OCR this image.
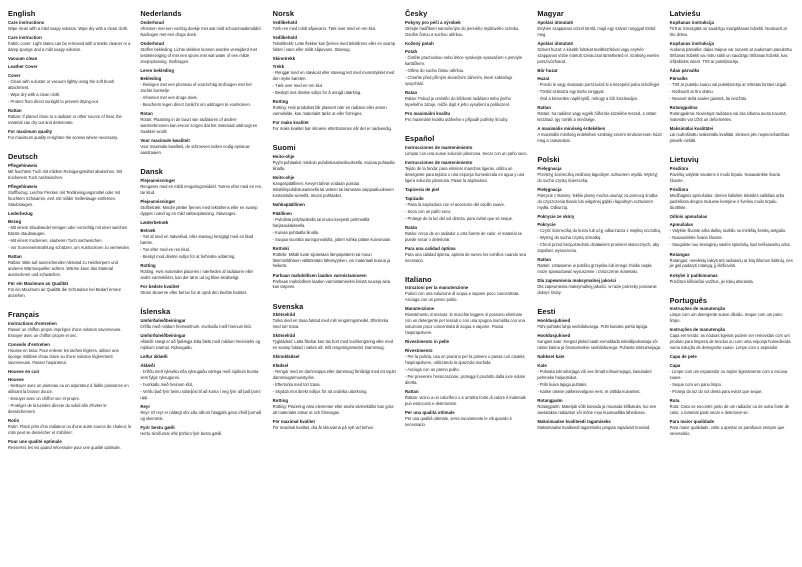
English
Care instructions

Wipe clean with a mild soapy solution. Wipe dry with a clean cloth.

Care instruction

Fabric cover: Light stains can be removed with a textile cleaner or a damp sponge and a mild soapy solution.

Vacuum clean
Leather Cover
Cover

- Clean with a duster or vacuum lightly using the soft brush attachment.

- Wipe dry with a clean cloth.

- Protect from direct sunlight to prevent drying-out.

Rattan

Rattan: If placed close to a radiator or other source of heat, the material can dry out and deteriorate.

For maximum quality

For maximum quality re-tighten the screws where necessary.

Deutsch
Pflegehinweis

Mit feuchtem Tuch mit mildem Reinigungsmittel abwischen. Mit trockenem Tuch nachwischen.

Pflegehinweis

Stoffbezug: Leichte Flecken mit Textilreinigungsmittel oder mit feuchtem Schwamm, evtl. mit milder Seifenlauge entfernen. Staubsaugen.

Lederbezug
Bezug

- Mit einem Staubwedel reinigen oder vorsichtig mit einer weichen Bürste staubsaugen.

- Mit einem trockenen, sauberen Tuch nachwischen.

- Vor Sonneneinstrahlung schützen, um Austrocknen zu vermeiden.

Rattan

Rattan: Bitte auf ausreichenden Abstand zu Heizkörpern und anderen Wärmequellen achten. Wärme kann das Material austrocknen und schwächen.

Für ein Maximum an Qualität

Für ein Maximum an Qualität die Schrauben bei Bedarf erneut anziehen.

Français
Instructions d'entretien

Passer un chiffon propre imprégné d'une solution savonneuse. Essuyer avec un chiffon propre et sec.

Conseils d'entretien

Housse en tissu: Pour enlever les taches légères, utiliser une éponge imbibée d'eau claire ou d'une solution légèrement savonneuse. Passer l'aspirateur.

Housse en cuir
Housse

- Nettoyer avec un plumeau ou un aspirateur à faible puissance en utilisant la brosse douce.

- Essuyer avec un chiffon sec et propre.

- Protéger de la lumière directe du soleil afin d'éviter le dessèchement.

Rotin

Rotin: Placé près d'un radiateur ou d'une autre source de chaleur, le rotin peut se dessécher et s'abîmer.

Pour une qualité optimale

Resserrez les vis quand nécessaire pour une qualité optimale.

Nederlands
Onderhoud

Afnemen met een vochtig doekje met wat mild schoonmaakmiddel. Nadrogen met een droge doek.

Onderhoud

Stoffen bekleding: Lichte vlekken kunnen worden verwijderd met textielreiniging of met een spons met wat water of een milde zeepoplossing. Stofzuigen.

Leren bekleding
Bekleding

- Reinigen met een plumeau of voorzichtig stofzuigen met het zachte borstelje.

- Afnemen met een droge doek.

- Bescherm tegen direct zonlicht om uitdrogen te voorkomen.

Rotan

Rotan: Plaatsing in de buurt van radiatoren of andere warmtebronnen kan ervoor zorgen dat het materiaal uitdroogt en zwakker wordt.

Voor maximale kwaliteit

Voor maximale kwaliteit, de schroeven indien nodig opnieuw aandraaien.

Dansk
Plejeanvisninger

Rengøres med en mildt rengøringsmiddel. Tørres efter med en ren, tør klud.

Plejeanvisninger

Stofbetræk: Mindre pletter fjernes med tekstilrens eller en svamp dyppet i vand og en mild sæbeopløsning. Støvsuges.

Læderbetræk
Betræk

- Tør af med en støveklud, eller støvsug forsigtigt med en blød børste.

- Tør efter med en ren klud.

- Beskyt mod direkte sollys for at forhindre udtørring.

Rotting

Rotting: Hvis materialet placeres i nærheden af radiatorer eller andre varmekilder, kan det tørre ud og blive skrøbeligt.

For bedste kvalitet

Stram skruerne efter behov for at opnå den bedste kvalitet.

Íslenska
Umhirðuleiðbeiningar

Þrífðu með mildum hreinsiefnum. Þurrkaðu með hreinum klút.

Umhirðuleiðbeiningar

Áklæði: Hægt er að fjarlægja létta bletti með mildum hreinsiefni og mjúkum svampi. Ryksugaðu.

Leður áklæði
Áklæði

- Þrífðu með ryksviku eða ryksugaðu varlega með mjúkum bursta sem fylgir ryksugunni.

- Þurrkaðu með hreinum klút.

- Verðu það fyrir beinu sólarljósi til að koma í veg fyrir að það þorni upp.

Reyr

Reyr: Ef reyr er nálægt ofni eða öðrum hitagjafa getur efnið þornað og skemmst.

Fyrir bestu gæði

Hertu skrúfurnar eftir þörfum fyrir bestu gæði.

Norsk
Vedlikehold

Tørk ren med mildt såpevann. Tørk over med en ren klut.

Vedlikehold

Tekstiltrekk: Lette flekker kan fjernes med tekstilrens eller en svamp fuktet i vann eller mildt såpevann. Støvsug.

Skinntrekk
Trekk

- Rengjør med en støvkost eller støvsug lett med munnstykket med den myke børsten.

- Tørk over med en ren klut.

- Beskytt mot direkte sollys for å unngå uttørking.

Rotting

Rotting: Hvis produktet blir plassert nær en radiator eller annen varmekilde, kan materialet tørke ut eller forringes.

For maks kvalitet

For maks kvalitet bør skruene ettertrammes når det er nødvendig.

Suomi
Hoito-ohje

Pyyhi puhtaaksi miedoin puhdistusainesliuoksella. Kuivaa puhtaalla liinalla.

Hoito-ohje

Kangaspäällinen: Kevyet tahrat voidaan poistaa tekstiilinpuhdistusaineella tai veteen tai laimeaan saippualiuokseen kostutetulla sienellä. Imuroi puhtaaksi.

Nahkapäällinen
Päällinen

- Puhdista pölyhuiskalla tai imuroi kevyesti pehmeällä harjasuulakkeella.

- Kuivaa puhtaalla liinalla.

- Suojaa suoralta auringonvalolta, jotteri nahka pääse kuivumaan.

Rottinki

Rottinki: Mikäli tuote sijoitetaan lämpöpatterin tai muun lämmönlähteen välittömään läheisyyteen, voi materiaali kuivua ja heiketä.

Parhaan mahdollisen laadun varmistamiseen

Parhaan mahdollisen laadun varmistamiseksi kiristä ruuveja aina kun tarpeen.

Svenska
Skötselråd

Torka med en trasa fuktad med milt rengöringsmedel. Eftertorka med torr trasa.

Skötselråd

Tygklädsel: Lätta fläckar kan tas bort med textilrengöring eller med en svamp fuktad i vatten alt. milt rengöringsmedel. Dammsug.

Skinnklädsel
Klädsel

- Rengör med en dammvippa eller dammsug försiktigt med ett mjukt dammsugarmunstycke.

- Eftertorka med torr trasa.

- Skydda mot direkt solljus för att undvika uttorkning.

Rotting

Rotting: Placering nära elementer eller andra värmekällor kan göra att materialet torkar ut och försvagas.

För maximal kvalitet

För maximal kvalitet, dra åt skruvarna på nytt vid behov.

Česky
Pokyny pro péči a výrobek

Otírejte hadříkem namočeným do jemného mýdlového roztoku. Osušte čistou a suchou utěrkou.

Kožený potah
Potah

- Čistěte prachovkou nebo lehce vysávejte vysavačem s jemným kartáčkem.

- Otřete do sucha čistou utěrkou.

- Chraňte před přímým slunečním zářením, které zabraňuje vysychání.

Ratan

Ratan: Pokud je umístěn do blízkosti radiátoru nebo jiného tepelného zdroje, může dojít k jeho vysušení a poškození.

Pro maximální kvalitu

Pro maximální kvalitu utáhněte v případě potřeby šrouby.

Español
Instrucciones de mantenimiento

Limpiar con una suave solución jabonosa. Secar con un paño seco.

Instrucciones de mantenimiento

Tejido de la funda: para eliminar manchas ligeras, utiliza un detergente para tejidos o una esponja humedecida en agua y una ligera solución jabonosa. Pasar la aspiradora.

Tapicería de piel
Tapizado

- Pasa la aspiradora con el accesorio del cepillo suave.

- Seca con un paño seco.

- Protege de la luz del sol directa, para evitar que se seque.

Ratán

Ratán: cerca de un radiador u otra fuente de calor, el material se puede secar o deteriorar.

Para una calidad óptima

Para una calidad óptima, aprieta de nuevo los tornillos cuando sea necesario.

Italiano
Istruzioni per la manutenzione

Pulisci con una soluzione di acqua e sapone poco concentrata. Asciuga con un panno pulito.

Manutenzione

Rivestimento in tessuto: le macchie leggere si possono eliminare con un detergente per tessuti o con una spugna inumidita con una soluzione poco concentrata di acqua e sapone. Passa l'aspirapolvere.

Rivestimento in pelle
Rivestimento

- Per la pulizia, usa un piumino per la polvere o passa con cautela l'aspirapolvere, utilizzando la spazzola morbida.

- Asciuga con un panno pulito.

- Per prevenire l'essiccazione, proteggi il prodotto dalla luce solare diretta.

Rattan

Rattan: vicino a un calorifero o a un'altra fonte di calore il materiale può essiccarsi e deteriorarsi.

Per una qualità ottimale

Per una qualità ottimale, serra nuovamente le viti quando è necessario.

Magyar
Ápolási útmutató

Enyhén szappanos vízzel töröld, majd egy száraz ronggyal töröld meg.

Ápolási útmutató

Szövet huzat: A kisebb foltokat textiltisztítóval vagy enyhén szappanos vízbe mártott szivaccsal tüntetheted el. Szükség esetén porszívózhatod.

Bőr huzat
Huzat

- Poroló le vagy óvatosan porszívózd ki a közepéül puha szívófejjel.

- Töröld szárazra egy tiszta ronggyal.

- Óvd a közvetlen napfénytől, nehogy a bőr kiszáradjon.

Rattan

Rattan: ha radiátor vagy egyéb hőforrás közelébe teszed, a rattan kiszárad, így romlik a minősége.

A maximális minőség érdekében

A maximális minőség érdekében szükség szerint rendszeresen húzd meg a csavarokat.

Polski
Pielęgnacja

Przetrzyj ściereczką zwilżoną łagodnym roztworem mydła. Wytrzyj do sucha czystą ściereczką.

Pielęgnacja

Pokrycie z tkaniny: lekkie plamy można usunąć za pomocą środka do czyszczenia tkanin lub wilgotnej gąbki i łagodnym roztworem mydła. Odkurzaj.

Pokrycie ze skóry
Pokrycie

- Czyść ściereczką do kurzu lub użyj odkurzacza z miękką szczotką.

- Wytrzyj do sucha czystą szmatką.

- Chroń przed bezpośrednim działaniem promieni słonecznych, aby zapobiec wysuszeniu.

Rattan

Rattan: Ustawienie w pobliżu grzejnika lub innego źródła ciepła może spowodować wysuszenie i zniszczenie materiału.

Dla zapewnienia maksymalnej jakości

Dla zapewnienia maksymalnej jakości, w razie potrzeby ponownie dokręć śruby.

Eesti
Hooldusjuhised

Pühi puhtaks lahja seebilahusega. Pühi kuivaks puhta lapiga.

Hooldusjuhised

Kangast kate: Kerged plekid saab eemaldada tekstiilipuhastaja või niiske käsna ja õrnatoimelise seebilahusega. Puhasta tolmuimejaga.

Nahkset kate
Kate

- Puhasta tolmuharjaga või vee õrnalt tolmuimejaga, kasutades pehmeke harjaotsikut.

- Pühi kuiva lapiga puhtaks.

- Kaitse otsese päikesevalguse eest, et vältida kuivamist.

Rotangpalm

Rotangpalm: Materjali võib kuivada ja muutuda kõlbatuks, kui see asetatakse radiaatori või mõne muu kuumaallika lähedusse.

Maksimaalse kvaliteedi tagamiseks

Maksimaalse kvaliteedi tagamiseks pinguta vajadusel kruvisid.

Latviešu
Kopšanas instrukcija

Tīrīt ar izmazgātā un saudzīgu mazgāšanas līdzekli. Noslaucīt ar tīru drānu.

Kopšanas instrukcija

Auduma pārvalks: daļus traipus var noņemt ar audumam paredzētu tīrīšanas līdzekli vai mitru sūkli un saudzīgu tīrīšanas līdzekli, kas izšķīdināts ūdenī. Tīrīt ar putekļsūcēju.

Ādas pārvalks
Pārvalks

- Tīrīt ar putekļu suaņu vai putekļsūcēju ar mīkstas birstes uzgali.

- Noslaucīt ar tīru drānu.

- Nesaurt tiešā saules gaismā, lai neizžūtu.

Rotangpalma

Rotangpalma: Novietojot radiatora vai cita siltuma avota tuvumā, materiāls var izžūt un deformēties.

Maksimālai kvalitātei

Lai nodrošinātu maksimālu kvalitāti, skrūves pēc nepieciešamības pievelk ciešāk.

Lietuvių
Priežiūra

Paviršių valykite vandens ir muilo tirpalu. Nusausinkite švaria šluoste.

Priežiūra

Medžiaginis apmušalas: dėmes šalinkite tekstilės valikliais arba padrėkinta drėgna muluose kempine ir švelniu muilo tirpalu. Siurbkite.

Odinis apmušalas
Apmušalas

- Valykite šluoste arba dulkių siurbliu su minkštų šerelių antgaliu.

- Nusausinkite švaria šluoste.

- Saugokite nuo tiesioginių saulės spindulių, kad neišsausėtų odos.

Rotangas

Rotangas: nereikėtų laikyti arti radiatorių ar kitų šilumos šaltinių, nes jie gali padaryti rotangą, jį išdžiovinti.

Kokybė ir patikimumas

Priežiūra kilšviečiai varžtus, jei tokių atsiranda.

Português
Instruções de manutenção

Limpe com um detergente suave diluído. Seque com um pano limpo.

Instruções de manutenção

Capa em tecido: as nódoas ligeiras podem ser removidas com um produto para limpeza de tecidos ou com uma esponja humedecida numa solução de detergente suave. Limpe com o aspirador.

Capa de pele
Capa

- Limpe com um espanador ou aspire ligeiramente com a escova suave.

- Seque com um pano limpo.

- Proteja da luz do sol direta para evitar que seque.

Rota

Rota: Caso se encontre junto de um radiador ou de outra fonte de calor, o material pode secar e deteriorar-se.

Para maior qualidade

Para maior qualidade, volte a apertar os parafusos sempre que necessário.
